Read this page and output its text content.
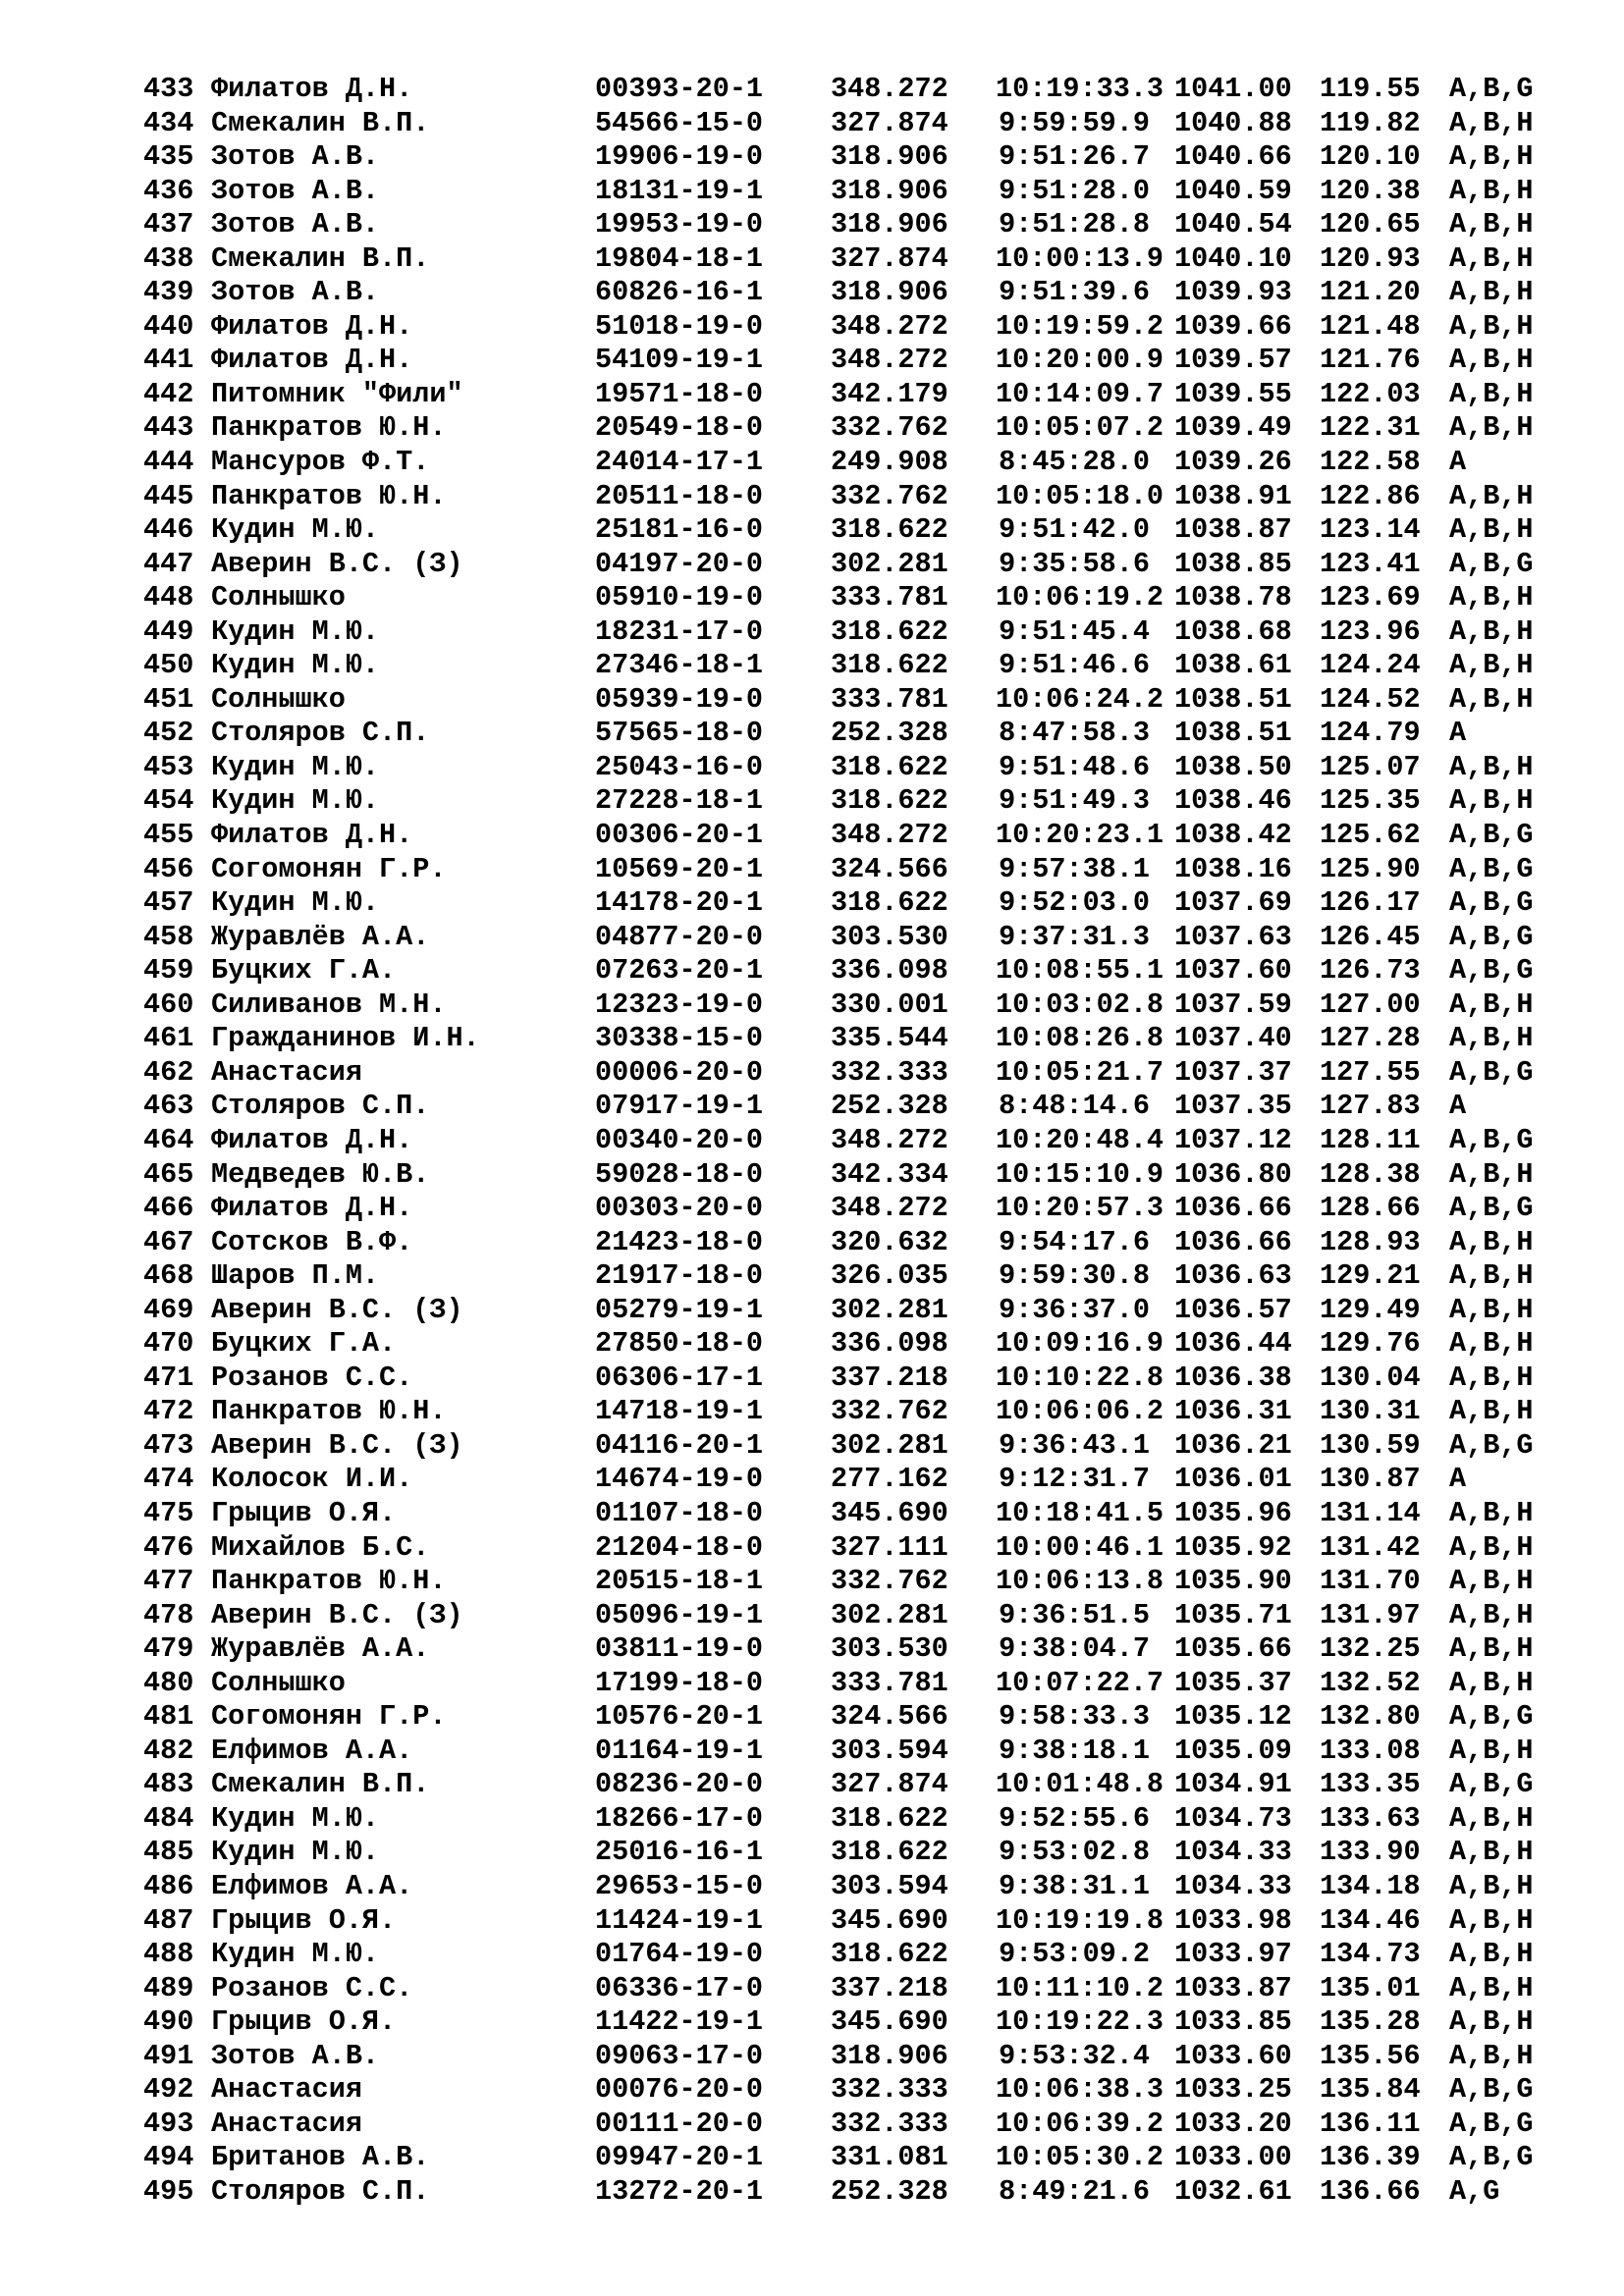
433 Филатов Д.Н.	00393-20-1 348.272 10:19:33.3 1041.00 119.55 A,B,G
434 Смекалин В.П.	54566-15-0 327.874 9:59:59.9 1040.88 119.82 A,B,H
435 Зотов А.В.	19906-19-0 318.906 9:51:26.7 1040.66 120.10 A,B,H
436 Зотов А.В.	18131-19-1 318.906 9:51:28.0 1040.59 120.38 A,B,H
437 Зотов А.В.	19953-19-0 318.906 9:51:28.8 1040.54 120.65 A,B,H
438 Смекалин В.П.	19804-18-1 327.874 10:00:13.9 1040.10 120.93 A,B,H
439 Зотов А.В.	60826-16-1 318.906 9:51:39.6 1039.93 121.20 A,B,H
440 Филатов Д.Н.	51018-19-0 348.272 10:19:59.2 1039.66 121.48 A,B,H
441 Филатов Д.Н.	54109-19-1 348.272 10:20:00.9 1039.57 121.76 A,B,H
442 Питомник "Фили"	19571-18-0 342.179 10:14:09.7 1039.55 122.03 A,B,H
443 Панкратов Ю.Н.	20549-18-0 332.762 10:05:07.2 1039.49 122.31 A,B,H
444 Мансуров Ф.Т.	24014-17-1 249.908 8:45:28.0 1039.26 122.58 A
445 Панкратов Ю.Н.	20511-18-0 332.762 10:05:18.0 1038.91 122.86 A,B,H
446 Кудин М.Ю.	25181-16-0 318.622 9:51:42.0 1038.87 123.14 A,B,H
447 Аверин В.С. (З)	04197-20-0 302.281 9:35:58.6 1038.85 123.41 A,B,G
448 Солнышко	05910-19-0 333.781 10:06:19.2 1038.78 123.69 A,B,H
449 Кудин М.Ю.	18231-17-0 318.622 9:51:45.4 1038.68 123.96 A,B,H
450 Кудин М.Ю.	27346-18-1 318.622 9:51:46.6 1038.61 124.24 A,B,H
451 Солнышко	05939-19-0 333.781 10:06:24.2 1038.51 124.52 A,B,H
452 Столяров С.П.	57565-18-0 252.328 8:47:58.3 1038.51 124.79 A
453 Кудин М.Ю.	25043-16-0 318.622 9:51:48.6 1038.50 125.07 A,B,H
454 Кудин М.Ю.	27228-18-1 318.622 9:51:49.3 1038.46 125.35 A,B,H
455 Филатов Д.Н.	00306-20-1 348.272 10:20:23.1 1038.42 125.62 A,B,G
456 Согомонян Г.Р.	10569-20-1 324.566 9:57:38.1 1038.16 125.90 A,B,G
457 Кудин М.Ю.	14178-20-1 318.622 9:52:03.0 1037.69 126.17 A,B,G
458 Журавлёв А.А.	04877-20-0 303.530 9:37:31.3 1037.63 126.45 A,B,G
459 Буцких Г.А.	07263-20-1 336.098 10:08:55.1 1037.60 126.73 A,B,G
460 Силиванов М.Н.	12323-19-0 330.001 10:03:02.8 1037.59 127.00 A,B,H
461 Гражданинов И.Н.	30338-15-0 335.544 10:08:26.8 1037.40 127.28 A,B,H
462 Анастасия	00006-20-0 332.333 10:05:21.7 1037.37 127.55 A,B,G
463 Столяров С.П.	07917-19-1 252.328 8:48:14.6 1037.35 127.83 A
464 Филатов Д.Н.	00340-20-0 348.272 10:20:48.4 1037.12 128.11 A,B,G
465 Медведев Ю.В.	59028-18-0 342.334 10:15:10.9 1036.80 128.38 A,B,H
466 Филатов Д.Н.	00303-20-0 348.272 10:20:57.3 1036.66 128.66 A,B,G
467 Сотсков В.Ф.	21423-18-0 320.632 9:54:17.6 1036.66 128.93 A,B,H
468 Шаров П.М.	21917-18-0 326.035 9:59:30.8 1036.63 129.21 A,B,H
469 Аверин В.С. (З)	05279-19-1 302.281 9:36:37.0 1036.57 129.49 A,B,H
470 Буцких Г.А.	27850-18-0 336.098 10:09:16.9 1036.44 129.76 A,B,H
471 Розанов С.С.	06306-17-1 337.218 10:10:22.8 1036.38 130.04 A,B,H
472 Панкратов Ю.Н.	14718-19-1 332.762 10:06:06.2 1036.31 130.31 A,B,H
473 Аверин В.С. (З)	04116-20-1 302.281 9:36:43.1 1036.21 130.59 A,B,G
474 Колосок И.И.	14674-19-0 277.162 9:12:31.7 1036.01 130.87 A
475 Грыцив О.Я.	01107-18-0 345.690 10:18:41.5 1035.96 131.14 A,B,H
476 Михайлов Б.С.	21204-18-0 327.111 10:00:46.1 1035.92 131.42 A,B,H
477 Панкратов Ю.Н.	20515-18-1 332.762 10:06:13.8 1035.90 131.70 A,B,H
478 Аверин В.С. (З)	05096-19-1 302.281 9:36:51.5 1035.71 131.97 A,B,H
479 Журавлёв А.А.	03811-19-0 303.530 9:38:04.7 1035.66 132.25 A,B,H
480 Солнышко	17199-18-0 333.781 10:07:22.7 1035.37 132.52 A,B,H
481 Согомонян Г.Р.	10576-20-1 324.566 9:58:33.3 1035.12 132.80 A,B,G
482 Елфимов А.А.	01164-19-1 303.594 9:38:18.1 1035.09 133.08 A,B,H
483 Смекалин В.П.	08236-20-0 327.874 10:01:48.8 1034.91 133.35 A,B,G
484 Кудин М.Ю.	18266-17-0 318.622 9:52:55.6 1034.73 133.63 A,B,H
485 Кудин М.Ю.	25016-16-1 318.622 9:53:02.8 1034.33 133.90 A,B,H
486 Елфимов А.А.	29653-15-0 303.594 9:38:31.1 1034.33 134.18 A,B,H
487 Грыцив О.Я.	11424-19-1 345.690 10:19:19.8 1033.98 134.46 A,B,H
488 Кудин М.Ю.	01764-19-0 318.622 9:53:09.2 1033.97 134.73 A,B,H
489 Розанов С.С.	06336-17-0 337.218 10:11:10.2 1033.87 135.01 A,B,H
490 Грыцив О.Я.	11422-19-1 345.690 10:19:22.3 1033.85 135.28 A,B,H
491 Зотов А.В.	09063-17-0 318.906 9:53:32.4 1033.60 135.56 A,B,H
492 Анастасия	00076-20-0 332.333 10:06:38.3 1033.25 135.84 A,B,G
493 Анастасия	00111-20-0 332.333 10:06:39.2 1033.20 136.11 A,B,G
494 Британов А.В.	09947-20-1 331.081 10:05:30.2 1033.00 136.39 A,B,G
495 Столяров С.П.	13272-20-1 252.328 8:49:21.6 1032.61 136.66 A,G
